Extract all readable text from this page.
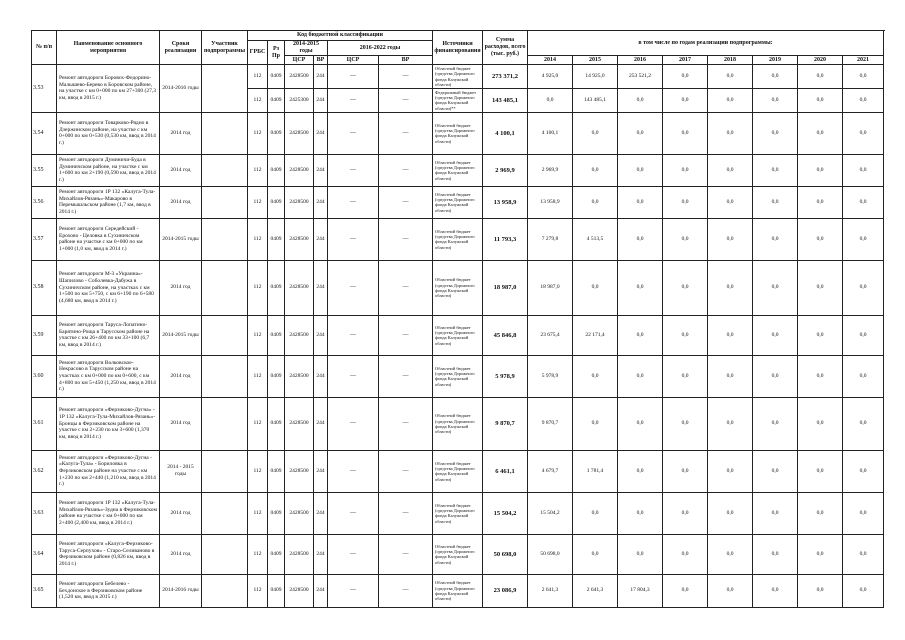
№ п/п	Наименование основного мероприятия	Сроки реализации	Участник подпрограммы	Код бюджетной классификации						Источники финансирования	Сумма расходов, всего (тыс. руб.)	в том числе по годам реализации подпрограммы:								
				ГРБС	Рз Пр	2014-2015 годы		2016-2022 годы												

						ЦСР	ВР	ЦСР	ВР			2014	2015	2016	2017	2018	2019	2020	2021	
3.53	Ремонт автодороги Боровск-Федорино-Малышево-Берево в Боровском районе, на участке с км 0+000 по км 27+300 (27,3 км, ввод в 2015 г.)	2014-2016 годы		112	0409	2428500	244	—	—	Областной бюджет (средства Дорожного фонда Калужской области)	273 371,2	4 925,0	14 925,0	253 521,2	0,0	0,0	0,0	0,0	0,0	
				112	0409	2425300	244	—	—	Федеральный бюджет (средства Дорожного фонда Калужской области)**	143 485,1	0,0	143 485,1	0,0	0,0	0,0	0,0	0,0	0,0	
3.54	Ремонт автодороги Товарково-Рядно в Дзержинском районе, на участке с км 0+000 по км 0+530 (0,530 км, ввод в 2014 г.)	2014 год		112	0409	2428500	244	—	—	Областной бюджет (средства Дорожного фонда Калужской области)	4 100,1	4 100,1	0,0	0,0	0,0	0,0	0,0	0,0	0,0	
3.55	Ремонт автодороги Думиничи-Буда в Думиничском районе, на участке с км 1+600 по км 2+190 (0,590 км, ввод в 2014 г.)	2014 год		112	0409	2428500	244	—	—	Областной бюджет (средства Дорожного фонда Калужской области)	2 969,9	2 969,9	0,0	0,0	0,0	0,0	0,0	0,0	0,0	
3.56	Ремонт автодороги 1Р 132 «Калуга-Тула-Михайлов-Рязань»-Макарово в Перемышльском районе (1,7 км, ввод в 2014 г.)	2014 год		112	0409	2428500	244	—	—	Областной бюджет (средства Дорожного фонда Калужской области)	13 958,9	13 958,9	0,0	0,0	0,0	0,0	0,0	0,0	0,0	
3.57	Ремонт автодороги Середейский - Ерохово - Целовка в Сухиничском районе на участке с км 0+000 по км 1+000 (1,0 км, ввод в 2014 г.)	2014-2015 годы		112	0409	2428500	244	—	—	Областной бюджет (средства Дорожного фонда Калужской области)	11 793,3	7 279,8	4 513,5	0,0	0,0	0,0	0,0	0,0	0,0	
3.58	Ремонт автодороги М-3 «Украина»-Шапилово - Соболевка-Дабужа в Сухиничском районе, на участках с км 1+500 по км 5+750, с км 6+190 по 6+580 (4,680 км, ввод в 2014 г.)	2014 год		112	0409	2428500	244	—	—	Областной бюджет (средства Дорожного фонда Калужской области)	18 987,0	18 987,0	0,0	0,0	0,0	0,0	0,0	0,0	0,0	
3.59	Ремонт автодороги Таруса-Лопатино-Барятино-Роща в Тарусском районе на участке с км 26+400 по км 33+100 (6,7 км, ввод в 2014 г.)	2014-2015 годы		112	0409	2428500	244	—	—	Областной бюджет (средства Дорожного фонда Калужской области)	45 846,8	23 675,4	22 171,4	0,0	0,0	0,0	0,0	0,0	0,0	
3.60	Ремонт автодороги Волковское-Некрасово в Тарусском районе на участках с км 0+000 по км 0+600, с км 4+800 по км 5+450 (1,250 км, ввод в 2014 г.)	2014 год		112	0409	2428500	244	—	—	Областной бюджет (средства Дорожного фонда Калужской области)	5 978,9	5 978,9	0,0	0,0	0,0	0,0	0,0	0,0	0,0	
3.61	Ремонт автодороги «Ферзиково-Дугна» - 1Р 132 «Калуга-Тула-Михайлов-Рязань»-Бронцы в Ферзиковском районе на участке с км 2+230 по км 3+600 (1,370 км, ввод в 2014 г.)	2014 год		112	0409	2428500	244	—	—	Областной бюджет (средства Дорожного фонда Калужской области)	9 870,7	9 870,7	0,0	0,0	0,0	0,0	0,0	0,0	0,0	
3.62	Ремонт автодороги «Ферзиково-Дугна - «Калуга-Тула» - Бориловка в Ферзиковском районе на участке с км 1+230 по км 2+440 (1,210 км, ввод в 2014 г.)	2014 - 2015 годы		112	0409	2428500	244	—	—	Областной бюджет (средства Дорожного фонда Калужской области)	6 461,1	4 679,7	1 781,4	0,0	0,0	0,0	0,0	0,0	0,0	
3.63	Ремонт автодороги 1Р 132 «Калуга-Тула-Михайлов-Рязань»-Зудна в Ферзиковском районе на участке с км 0+000 по км 2+400 (2,400 км, ввод в 2014 г.)	2014 год		112	0409	2428500	244	—	—	Областной бюджет (средства Дорожного фонда Калужской области)	15 504,2	15 504,2	0,0	0,0	0,0	0,0	0,0	0,0	0,0	
3.64	Ремонт автодороги «Калуга-Ферзиково-Таруса-Серпухов» - Старо-Селиваново в Ферзиковском районе (0,826 км, ввод в 2014 г.)	2014 год		112	0409	2428500	244	—	—	Областной бюджет (средства Дорожного фонда Калужской области)	50 698,0	50 698,0	0,0	0,0	0,0	0,0	0,0	0,0	0,0	
3.65	Ремонт автодороги Бебелево - Бехдонское в Ферзиковском районе (1,520 км, ввод в 2015 г.)	2014-2016 годы		112	0409	2428500	244	—	—	Областной бюджет (средства Дорожного фонда Калужской области)	23 086,9	2 641,3	2 641,3	17 804,3	0,0	0,0	0,0	0,0	0,0	
